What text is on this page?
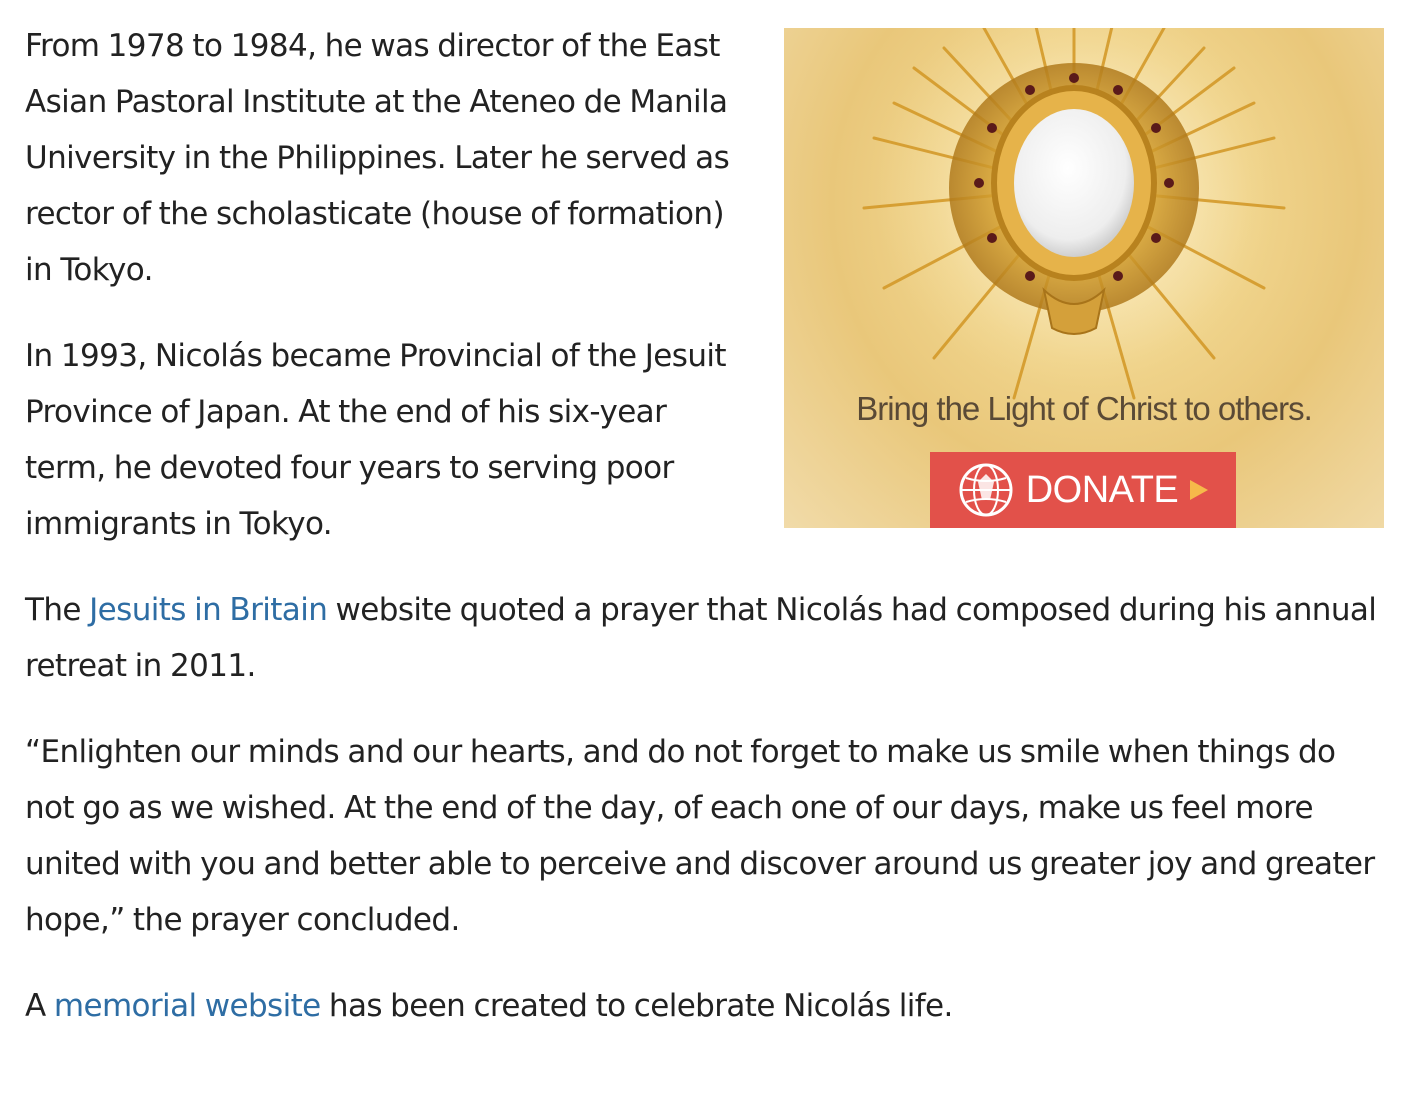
From 1978 to 1984, he was director of the East Asian Pastoral Institute at the Ateneo de Manila University in the Philippines. Later he served as rector of the scholasticate (house of formation) in Tokyo.

In 1993, Nicolás became Provincial of the Jesuit Province of Japan. At the end of his six-year term, he devoted four years to serving poor immigrants in Tokyo.

The Jesuits in Britain website quoted a prayer that Nicolás had composed during his annual retreat in 2011.

“Enlighten our minds and our hearts, and do not forget to make us smile when things do not go as we wished. At the end of the day, of each one of our days, make us feel more united with you and better able to perceive and discover around us greater joy and greater hope,” the prayer concluded.

A memorial website has been created to celebrate Nicolás life.

Bring the Light of Christ to others.
DONATE
